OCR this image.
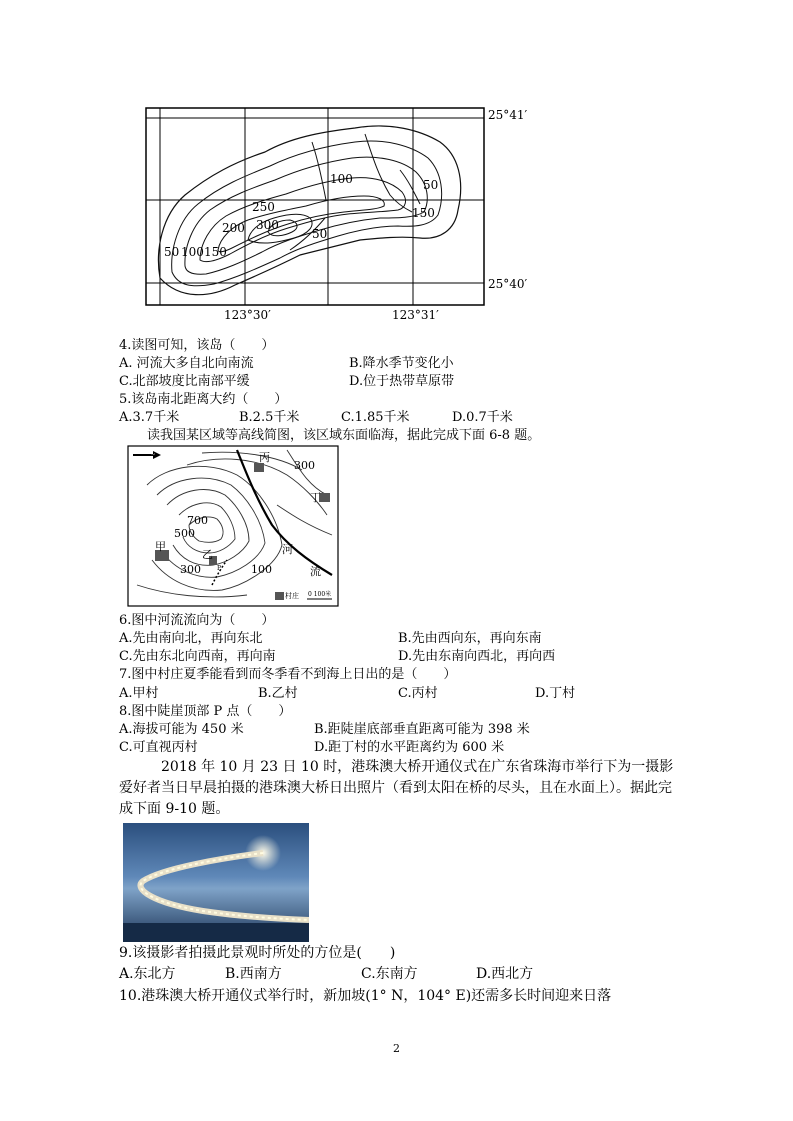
100	50
250
300
200
150
50
50 100 150
25°41′
25°40′
123°30′	123°31′
4.读图可知，该岛（　　）
A. 河流大多自北向南流	B.降水季节变化小
C.北部坡度比南部平缓	D.位于热带草原带
5.该岛南北距离大约（　　）
A.3.7千米	B.2.5千米	C.1.85千米	D.0.7千米
读我国某区域等高线简图，该区域东面临海，据此完成下面 6-8 题。
北	丙
300
丁
700
500
甲
乙
300	P
河
流
100
村庄 0 100米
6.图中河流流向为（　　）
A.先由南向北，再向东北	B.先由西向东，再向东南
C.先由东北向西南，再向南	D.先由东南向西北，再向西
7.图中村庄夏季能看到而冬季看不到海上日出的是（　　）
A.甲村	B.乙村	C.丙村	D.丁村
8.图中陡崖顶部 P 点（　　）
A.海拔可能为 450 米	B.距陡崖底部垂直距离可能为 398 米
C.可直视丙村	D.距丁村的水平距离约为 600 米
2018 年 10 月 23 日 10 时，港珠澳大桥开通仪式在广东省珠海市举行下为一摄影爱好者当日早晨拍摄的港珠澳大桥日出照片（看到太阳在桥的尽头，且在水面上）。据此完成下面 9-10 题。
9.该摄影者拍摄此景观时所处的方位是(　　)
A.东北方	B.西南方	C.东南方	D.西北方
10.港珠澳大桥开通仪式举行时，新加坡(1° N，104° E)还需多长时间迎来日落
2
